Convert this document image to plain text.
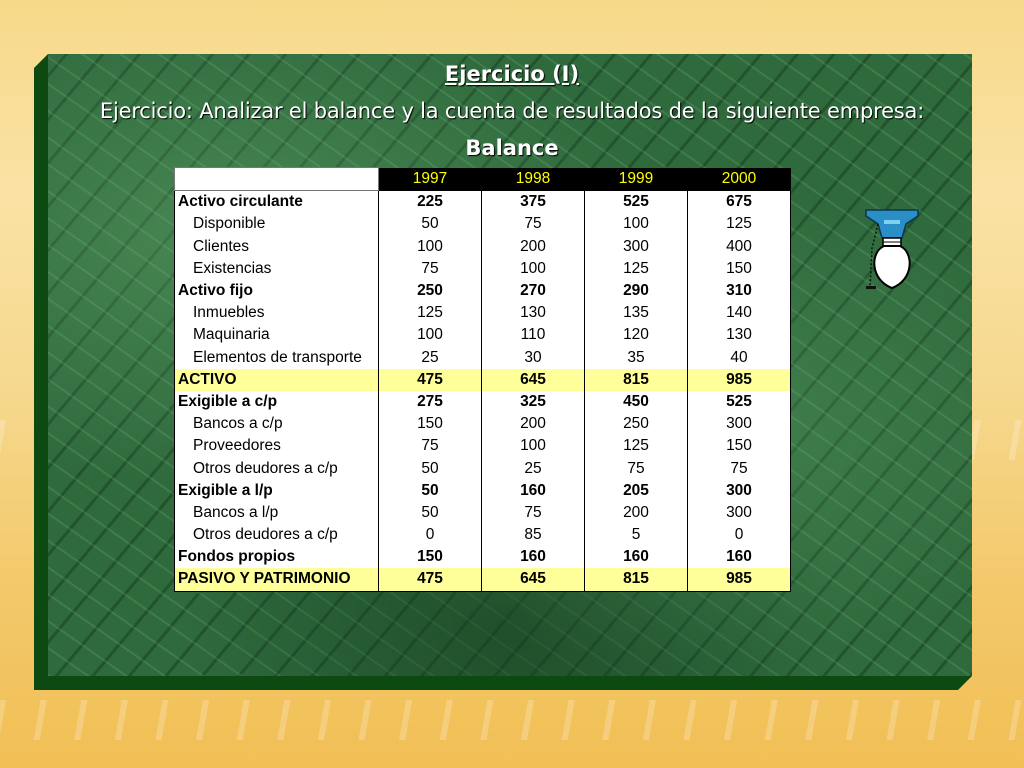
Ejercicio (I)
Ejercicio: Analizar el balance y la cuenta de resultados de la siguiente empresa:
Balance
	1997	1998	1999	2000
Activo circulante	225	375	525	675
Disponible	50	75	100	125
Clientes	100	200	300	400
Existencias	75	100	125	150
Activo fijo	250	270	290	310
Inmuebles	125	130	135	140
Maquinaria	100	110	120	130
Elementos de transporte	25	30	35	40
ACTIVO	475	645	815	985
Exigible a c/p	275	325	450	525
Bancos a c/p	150	200	250	300
Proveedores	75	100	125	150
Otros deudores a c/p	50	25	75	75
Exigible a l/p	50	160	205	300
Bancos a l/p	50	75	200	300
Otros deudores a c/p	0	85	5	0
Fondos propios	150	160	160	160
PASIVO Y PATRIMONIO	475	645	815	985
